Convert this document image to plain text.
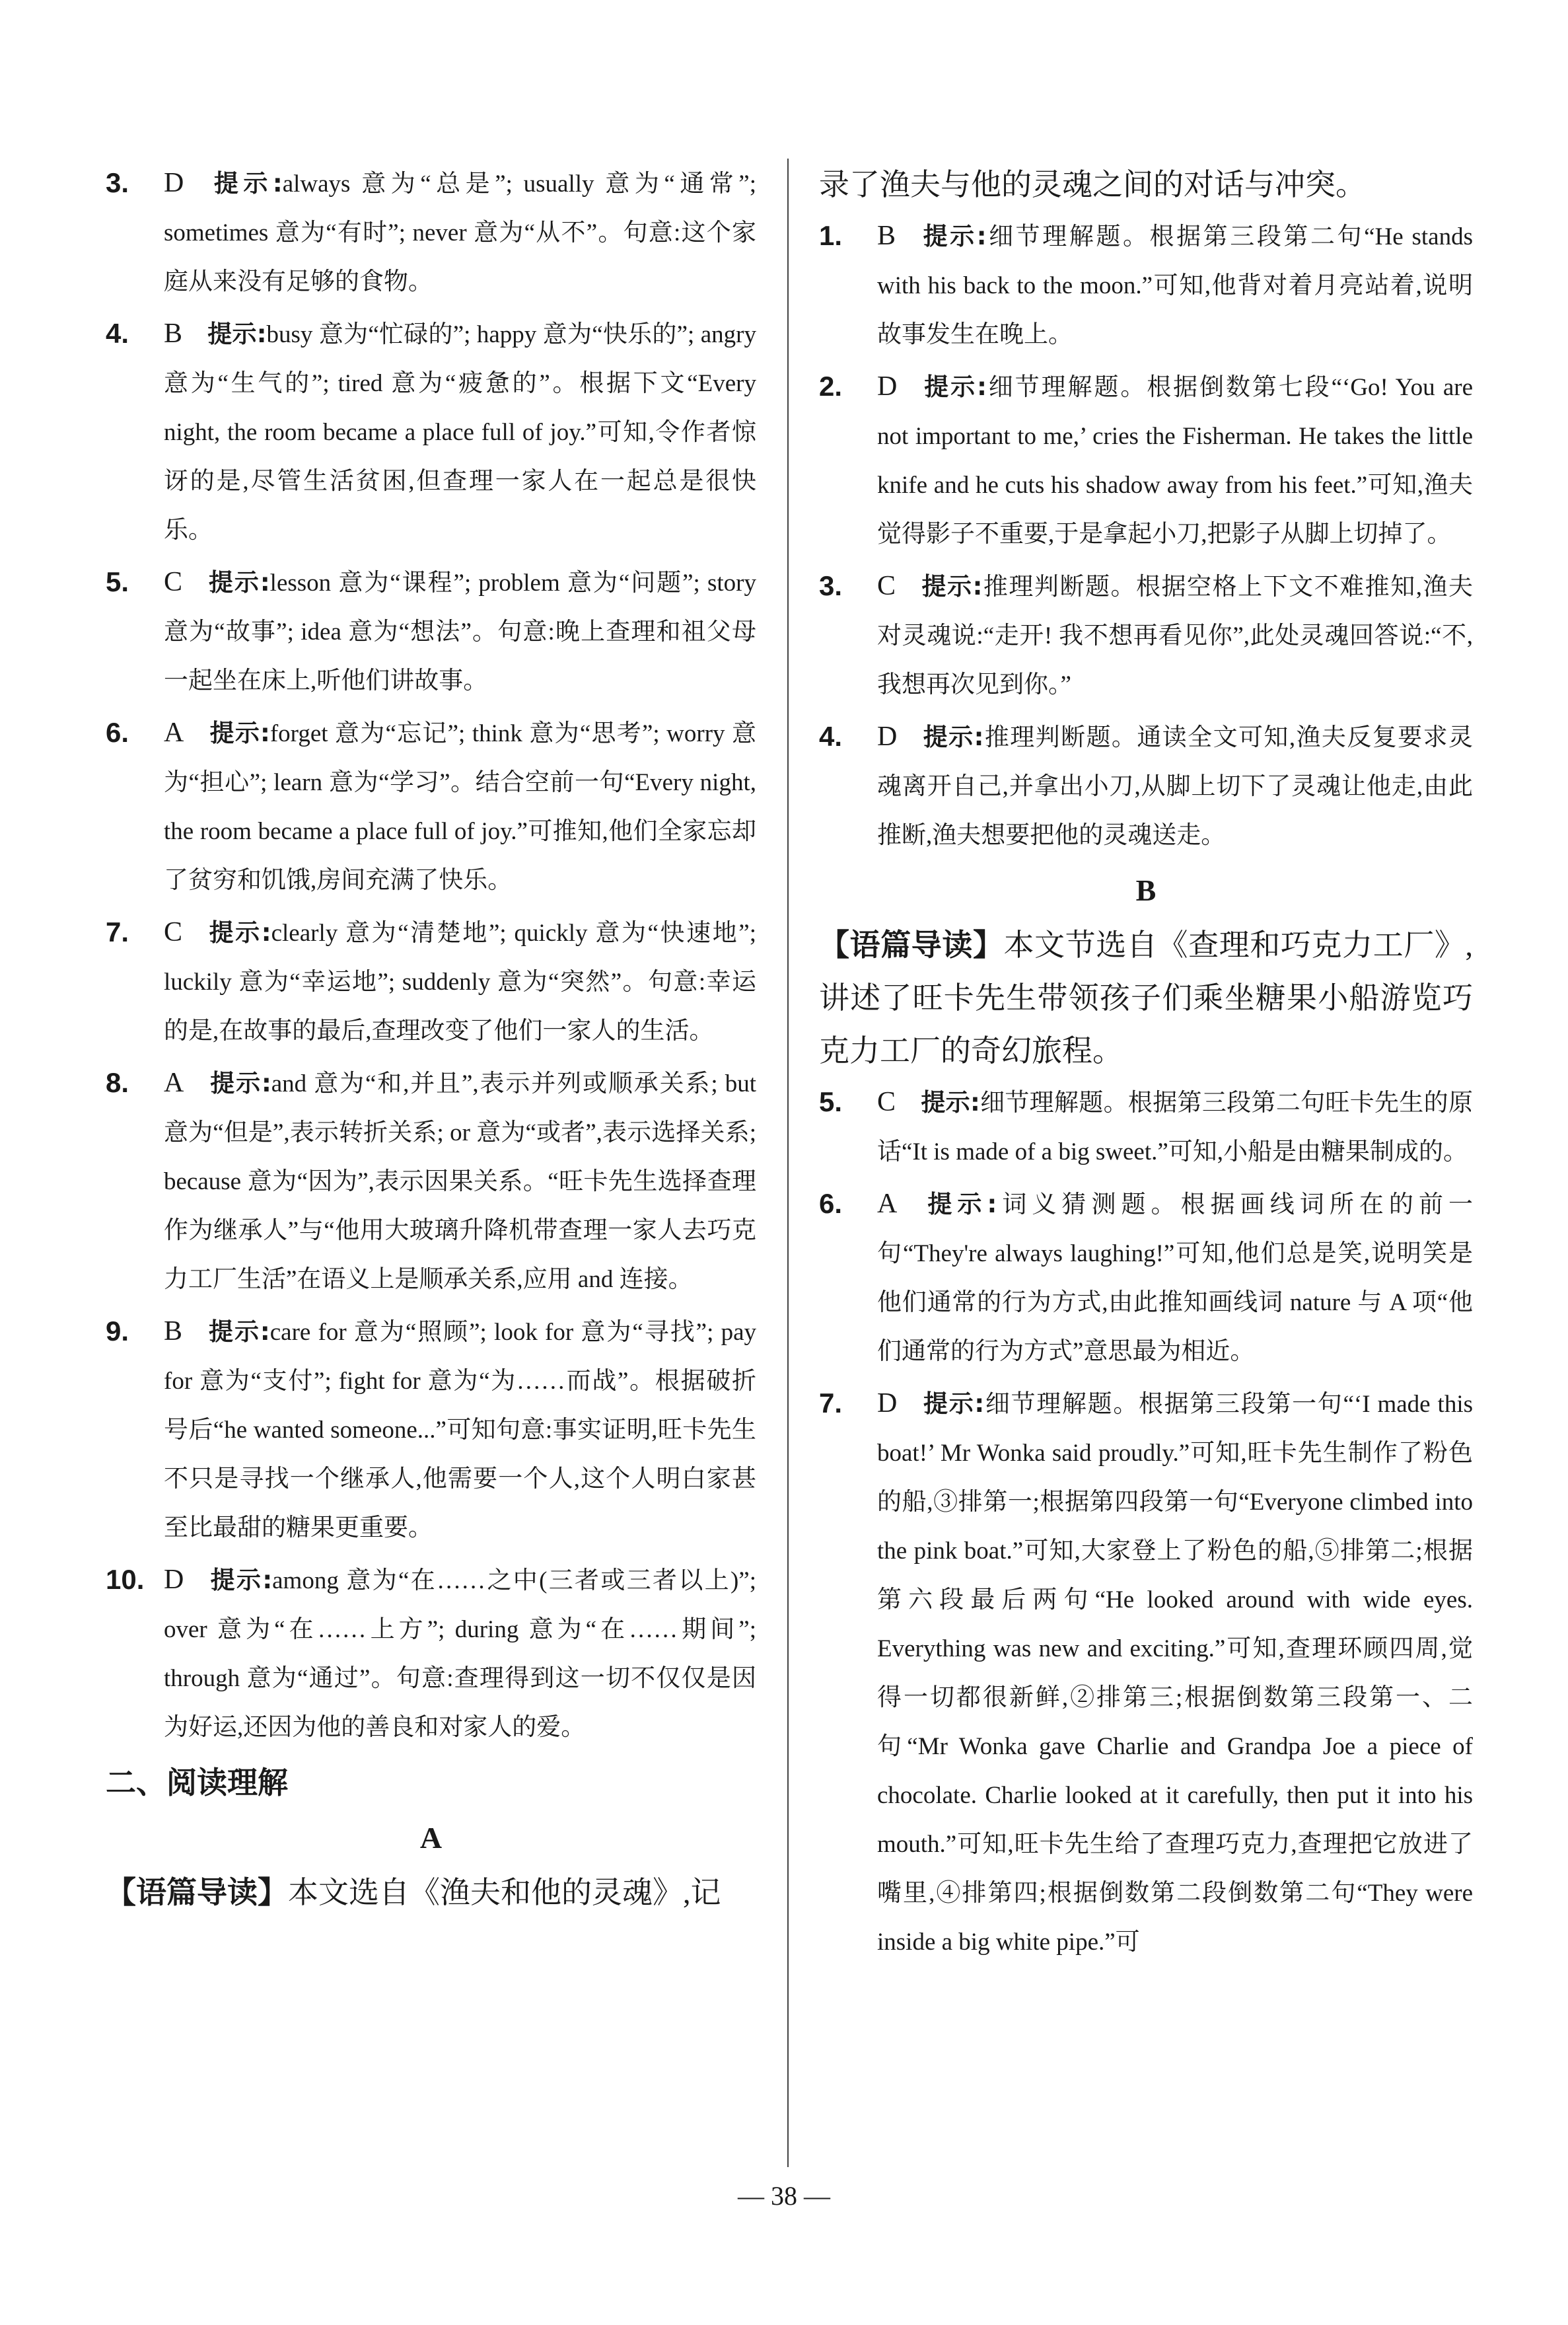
3. D 提示:always 意为“总是”; usually 意为“通常”; sometimes 意为“有时”; never 意为“从不”。句意:这个家庭从来没有足够的食物。
4. B 提示:busy 意为“忙碌的”; happy 意为“快乐的”; angry 意为“生气的”; tired 意为“疲惫的”。根据下文“Every night, the room became a place full of joy.”可知,令作者惊讶的是,尽管生活贫困,但查理一家人在一起总是很快乐。
5. C 提示:lesson 意为“课程”; problem 意为“问题”; story 意为“故事”; idea 意为“想法”。句意:晚上查理和祖父母一起坐在床上,听他们讲故事。
6. A 提示:forget 意为“忘记”; think 意为“思考”; worry 意为“担心”; learn 意为“学习”。结合空前一句“Every night, the room became a place full of joy.”可推知,他们全家忘却了贫穷和饥饿,房间充满了快乐。
7. C 提示:clearly 意为“清楚地”; quickly 意为“快速地”; luckily 意为“幸运地”; suddenly 意为“突然”。句意:幸运的是,在故事的最后,查理改变了他们一家人的生活。
8. A 提示:and 意为“和,并且”,表示并列或顺承关系; but 意为“但是”,表示转折关系; or 意为“或者”,表示选择关系; because 意为“因为”,表示因果关系。“旺卡先生选择查理作为继承人”与“他用大玻璃升降机带查理一家人去巧克力工厂生活”在语义上是顺承关系,应用 and 连接。
9. B 提示:care for 意为“照顾”; look for 意为“寻找”; pay for 意为“支付”; fight for 意为“为……而战”。根据破折号后“he wanted someone...”可知句意:事实证明,旺卡先生不只是寻找一个继承人,他需要一个人,这个人明白家甚至比最甜的糖果更重要。
10. D 提示:among 意为“在……之中(三者或三者以上)”; over 意为“在……上方”; during 意为“在……期间”; through 意为“通过”。句意:查理得到这一切不仅仅是因为好运,还因为他的善良和对家人的爱。
二、阅读理解
A
【语篇导读】本文选自《渔夫和他的灵魂》,记
录了渔夫与他的灵魂之间的对话与冲突。
1. B 提示:细节理解题。根据第三段第二句“He stands with his back to the moon.”可知,他背对着月亮站着,说明故事发生在晚上。
2. D 提示:细节理解题。根据倒数第七段“‘Go! You are not important to me,’ cries the Fisherman. He takes the little knife and he cuts his shadow away from his feet.”可知,渔夫觉得影子不重要,于是拿起小刀,把影子从脚上切掉了。
3. C 提示:推理判断题。根据空格上下文不难推知,渔夫对灵魂说:“走开! 我不想再看见你”,此处灵魂回答说:“不,我想再次见到你。”
4. D 提示:推理判断题。通读全文可知,渔夫反复要求灵魂离开自己,并拿出小刀,从脚上切下了灵魂让他走,由此推断,渔夫想要把他的灵魂送走。
B
【语篇导读】本文节选自《查理和巧克力工厂》,讲述了旺卡先生带领孩子们乘坐糖果小船游览巧克力工厂的奇幻旅程。
5. C 提示:细节理解题。根据第三段第二句旺卡先生的原话“It is made of a big sweet.”可知,小船是由糖果制成的。
6. A 提示:词义猜测题。根据画线词所在的前一句“They're always laughing!”可知,他们总是笑,说明笑是他们通常的行为方式,由此推知画线词 nature 与 A 项“他们通常的行为方式”意思最为相近。
7. D 提示:细节理解题。根据第三段第一句“‘I made this boat!’ Mr Wonka said proudly.”可知,旺卡先生制作了粉色的船,③排第一;根据第四段第一句“Everyone climbed into the pink boat.”可知,大家登上了粉色的船,⑤排第二;根据第六段最后两句“He looked around with wide eyes. Everything was new and exciting.”可知,查理环顾四周,觉得一切都很新鲜,②排第三;根据倒数第三段第一、二句“Mr Wonka gave Charlie and Grandpa Joe a piece of chocolate. Charlie looked at it carefully, then put it into his mouth.”可知,旺卡先生给了查理巧克力,查理把它放进了嘴里,④排第四;根据倒数第二段倒数第二句“They were inside a big white pipe.”可
— 38 —
